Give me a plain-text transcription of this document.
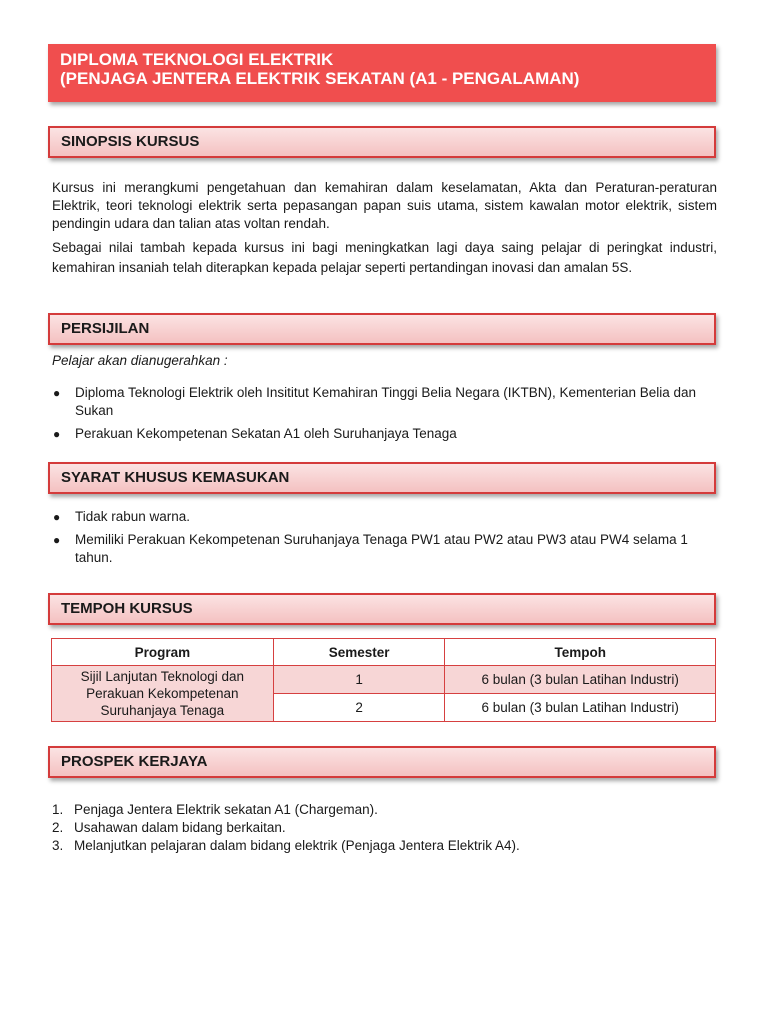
DIPLOMA TEKNOLOGI ELEKTRIK
(PENJAGA JENTERA ELEKTRIK SEKATAN (A1 - PENGALAMAN)
SINOPSIS KURSUS

Kursus ini merangkumi pengetahuan dan kemahiran dalam keselamatan, Akta dan Peraturan-peraturan Elektrik, teori teknologi elektrik serta pepasangan papan suis utama, sistem kawalan motor elektrik, sistem pendingin udara dan talian atas voltan rendah.

Sebagai nilai tambah kepada kursus ini bagi meningkatkan lagi daya saing pelajar di peringkat industri, kemahiran insaniah telah diterapkan kepada pelajar seperti pertandingan inovasi dan amalan 5S.

PERSIJILAN

Pelajar akan dianugerahkan :

● Diploma Teknologi Elektrik oleh Insititut Kemahiran Tinggi Belia Negara (IKTBN), Kementerian Belia dan Sukan
● Perakuan Kekompetenan Sekatan A1 oleh Suruhanjaya Tenaga
SYARAT KHUSUS KEMASUKAN
● Tidak rabun warna.
● Memiliki Perakuan Kekompetenan Suruhanjaya Tenaga PW1 atau PW2 atau PW3 atau PW4 selama 1 tahun.
TEMPOH KURSUS
Program	Semester	Tempoh
Sijil Lanjutan Teknologi dan Perakuan Kekompetenan Suruhanjaya Tenaga	1	6 bulan (3 bulan Latihan Industri)
	2	6 bulan (3 bulan Latihan Industri)
PROSPEK KERJAYA
1. Penjaga Jentera Elektrik sekatan A1 (Chargeman).
2. Usahawan dalam bidang berkaitan.
3. Melanjutkan pelajaran dalam bidang elektrik (Penjaga Jentera Elektrik A4).
